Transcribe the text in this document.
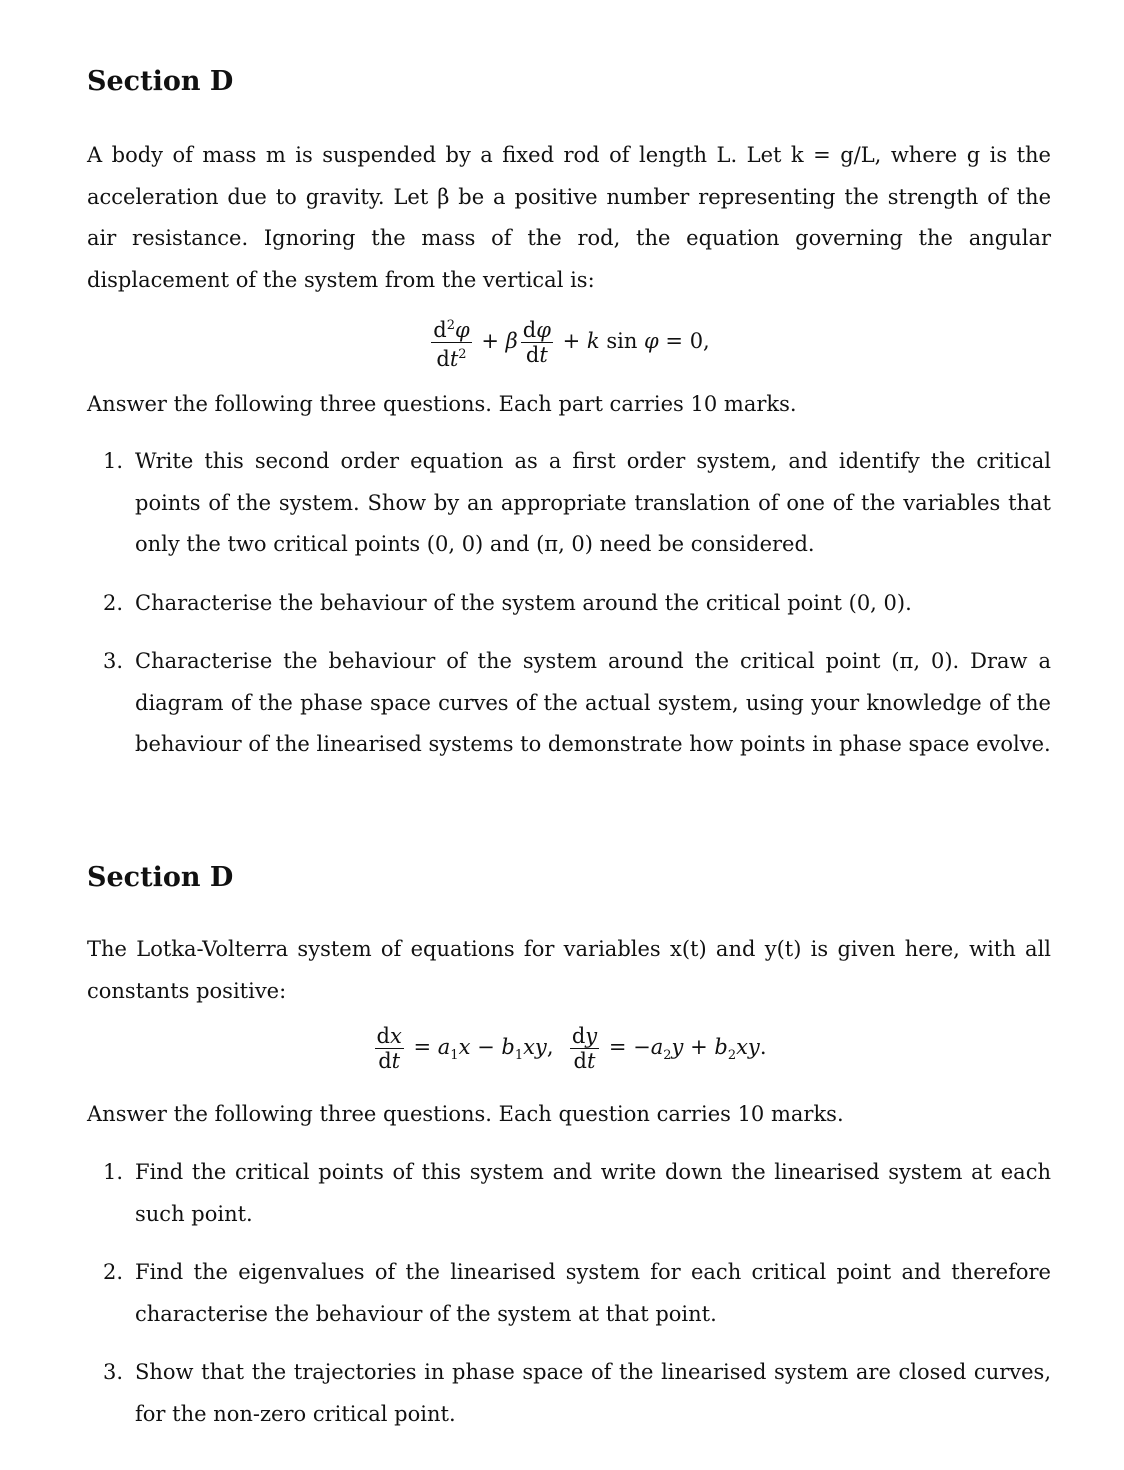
Section D

A body of mass m is suspended by a fixed rod of length L. Let k = g/L, where g is the acceleration due to gravity. Let β be a positive number representing the strength of the air resistance. Ignoring the mass of the rod, the equation governing the angular displacement of the system from the vertical is:

$\frac{d^2\varphi}{dt^2} + \beta \frac{d\varphi}{dt} + k$ sin φ = 0,

Answer the following three questions. Each part carries 10 marks.

1. Write this second order equation as a first order system, and identify the critical points of the system. Show by an appropriate translation of one of the variables that only the two critical points (0, 0) and (π, 0) need be considered.
2. Characterise the behaviour of the system around the critical point (0, 0).
3. Characterise the behaviour of the system around the critical point (π, 0). Draw a diagram of the phase space curves of the actual system, using your knowledge of the behaviour of the linearised systems to demonstrate how points in phase space evolve.
Section D

The Lotka-Volterra system of equations for variables x(t) and y(t) is given here, with all constants positive:

$\frac{dx}{dt} = a_1x - b_1xy$, $\frac{dy}{dt} = -a_2y + b_2xy$.

Answer the following three questions. Each question carries 10 marks.

1. Find the critical points of this system and write down the linearised system at each such point.
2. Find the eigenvalues of the linearised system for each critical point and therefore characterise the behaviour of the system at that point.
3. Show that the trajectories in phase space of the linearised system are closed curves, for the non-zero critical point.
